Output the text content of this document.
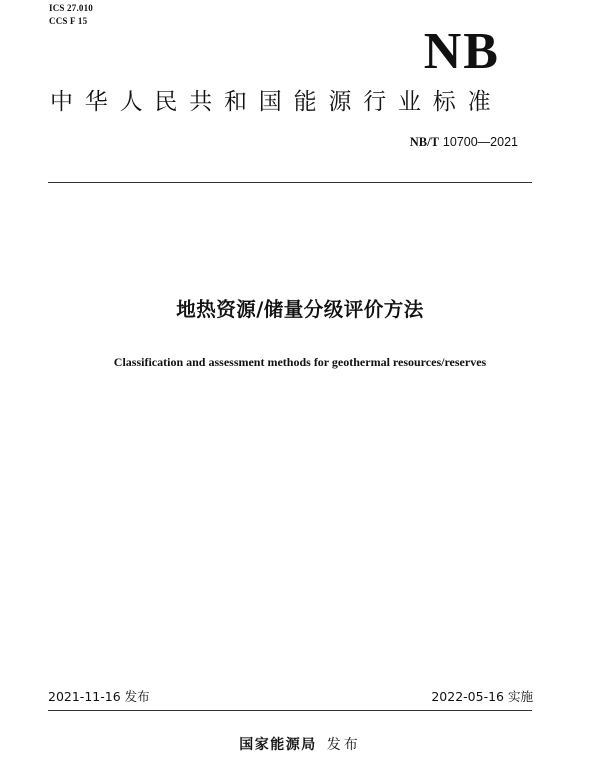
ICS 27.010
CCS F 15
NB
中华人民共和国能源行业标准
NB/T 10700—2021
地热资源/储量分级评价方法
Classification and assessment methods for geothermal resources/reserves
2021-11-16 发布	2022-05-16 实施
国家能源局 发布
